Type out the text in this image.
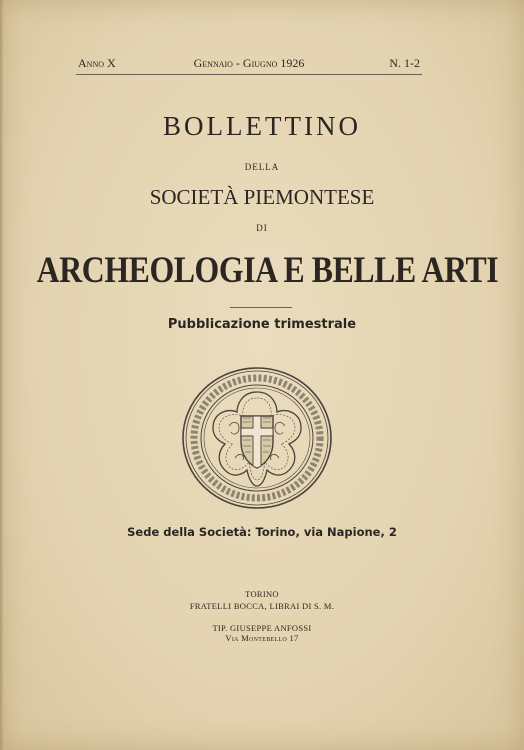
Anno X	Gennaio - Giugno 1926	N. 1-2
BOLLETTINO
DELLA
SOCIETÀ PIEMONTESE
DI
ARCHEOLOGIA E BELLE ARTI
Pubblicazione trimestrale
Sede della Società: Torino, via Napione, 2
TORINO
FRATELLI BOCCA, LIBRAI DI S. M.
TIP. GIUSEPPE ANFOSSI
Via Montebello 17
